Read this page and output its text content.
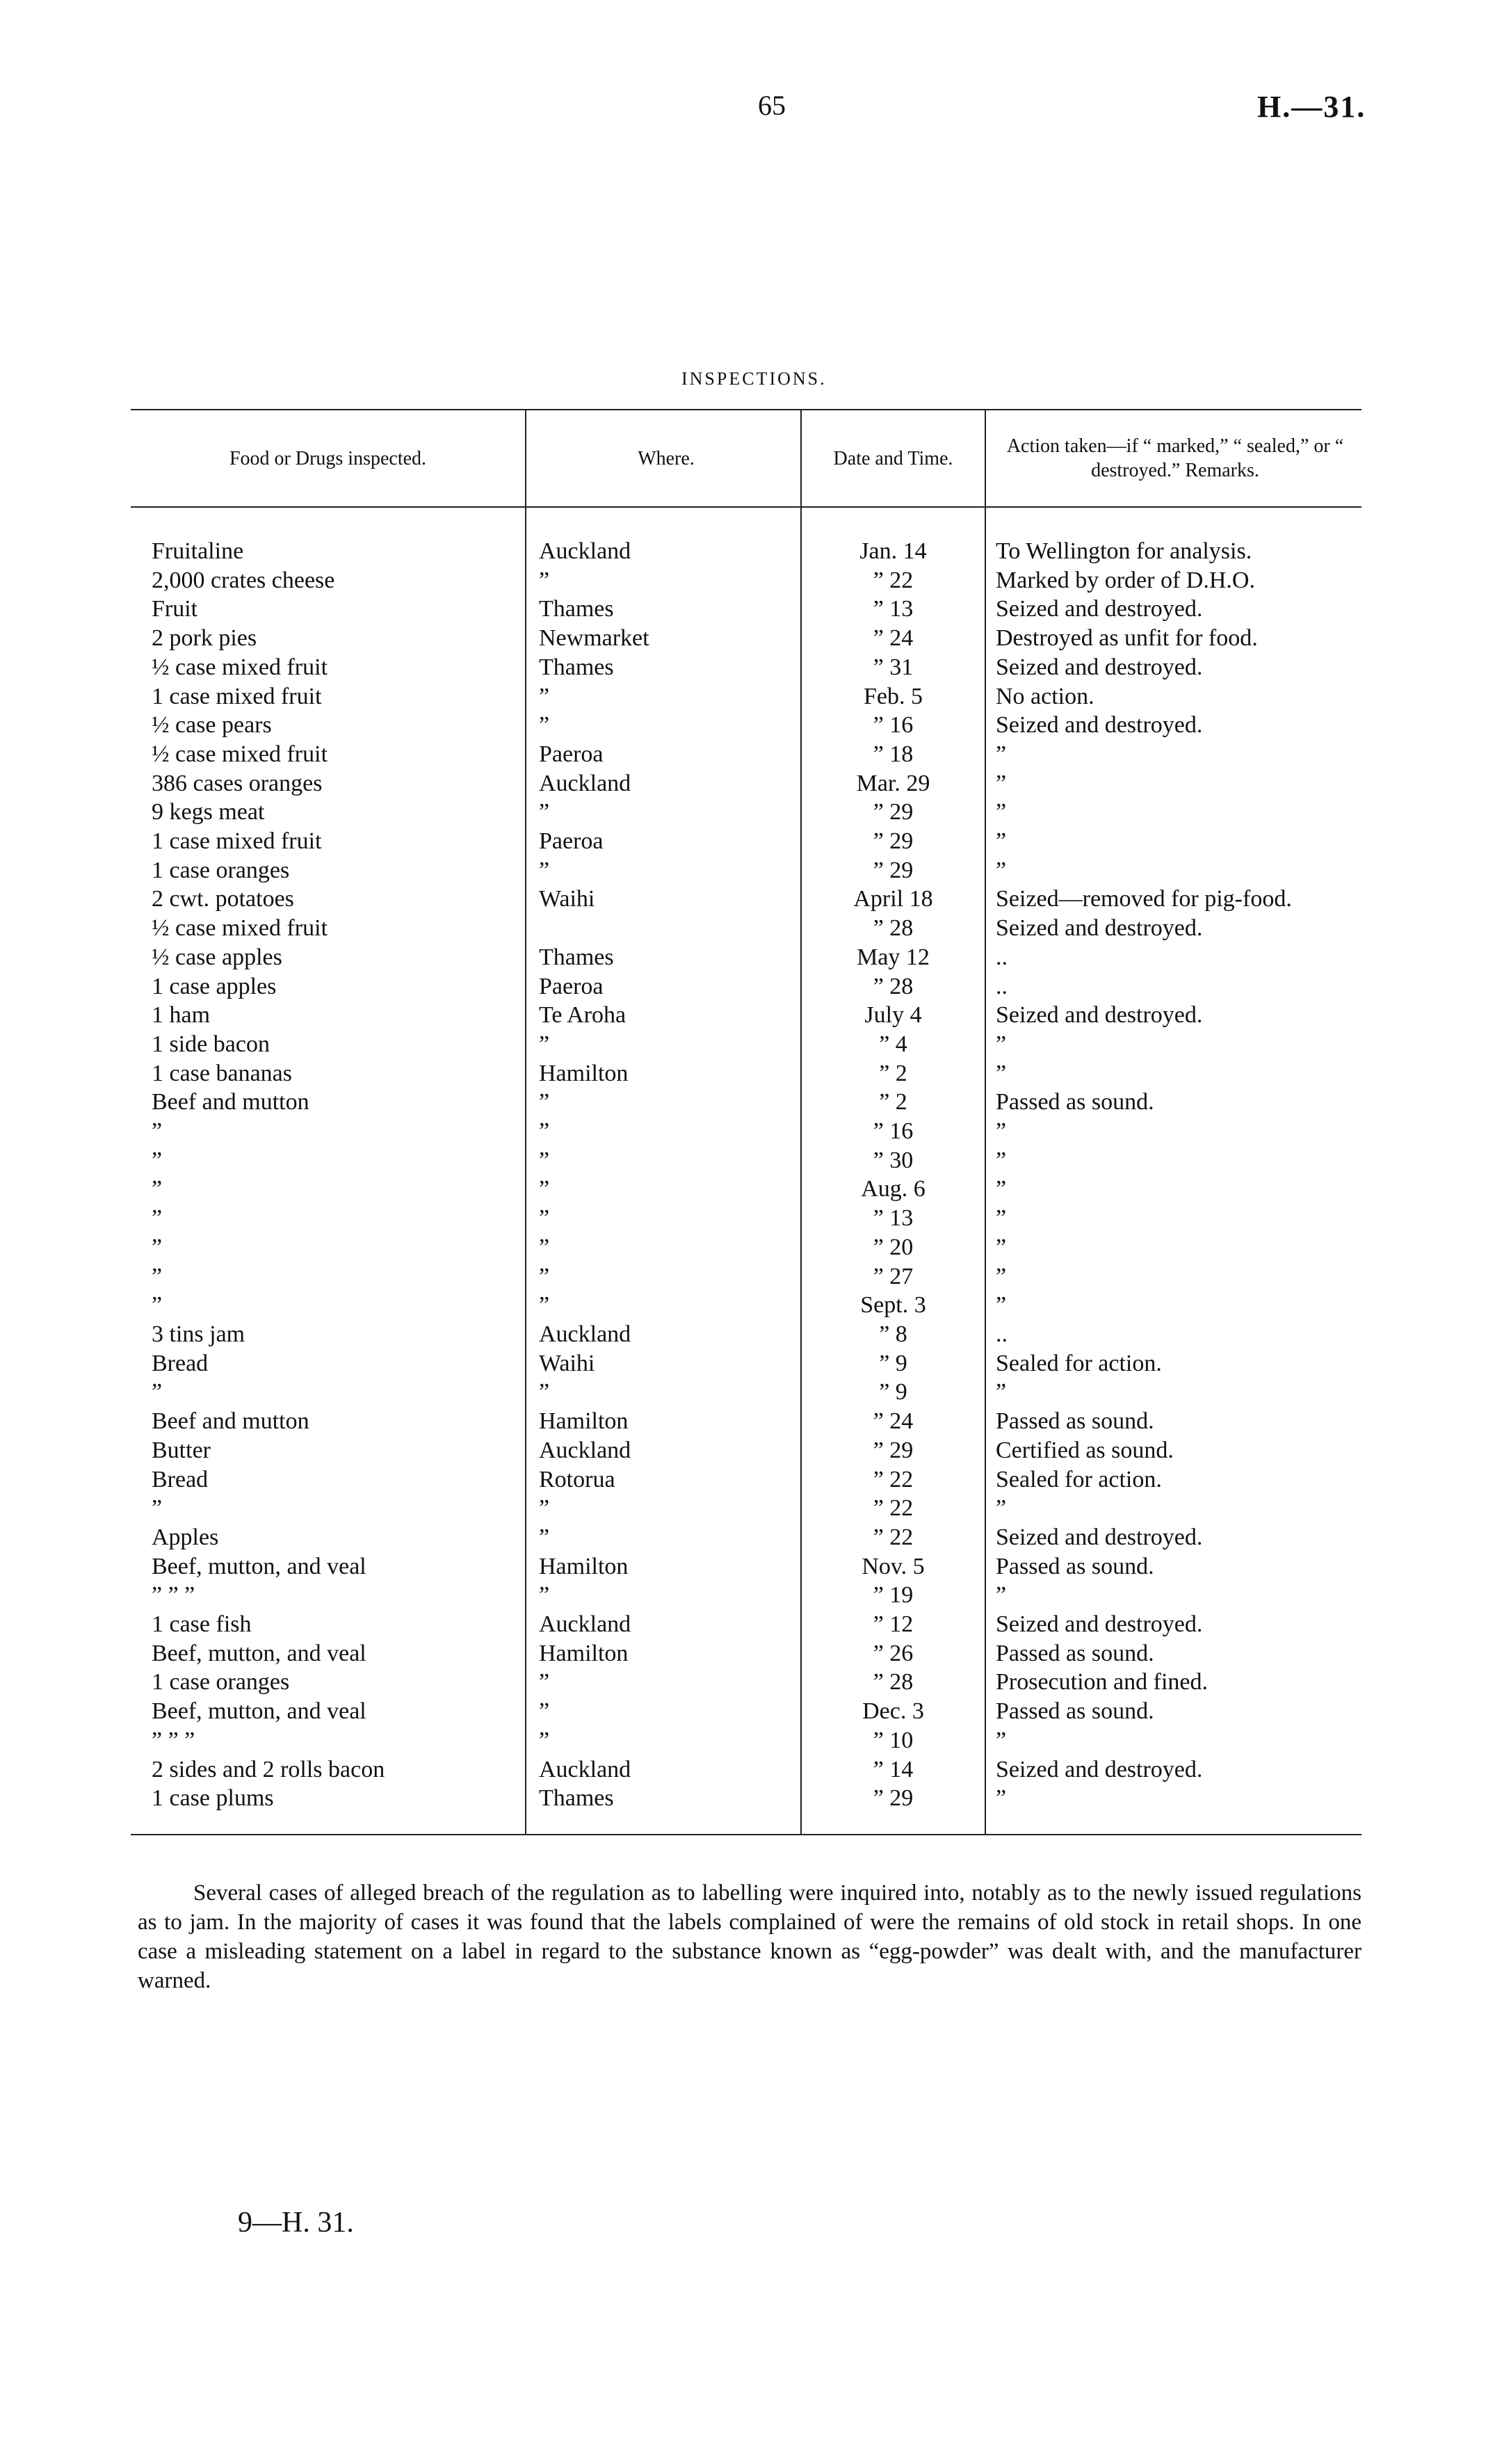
65	H.—31.
INSPECTIONS.
Food or Drugs inspected.	Where.	Date and Time.	Action taken—if “ marked,” “ sealed,” or “ destroyed.” Remarks.

Fruitaline	Auckland	Jan. 14	To Wellington for analysis.
2,000 crates cheese	”	” 22	Marked by order of D.H.O.
Fruit	Thames	” 13	Seized and destroyed.
2 pork pies	Newmarket	” 24	Destroyed as unfit for food.
½ case mixed fruit	Thames	” 31	Seized and destroyed.
1 case mixed fruit	”	Feb. 5	No action.
½ case pears	”	” 16	Seized and destroyed.
½ case mixed fruit	Paeroa	” 18	”
386 cases oranges	Auckland	Mar. 29	”
9 kegs meat	”	” 29	”
1 case mixed fruit	Paeroa	” 29	”
1 case oranges	”	” 29	”
2 cwt. potatoes	Waihi	April 18	Seized—removed for pig-food.
½ case mixed fruit		” 28	Seized and destroyed.
½ case apples	Thames	May 12	..
1 case apples	Paeroa	” 28	..
1 ham	Te Aroha	July 4	Seized and destroyed.
1 side bacon	”	” 4	”
1 case bananas	Hamilton	” 2	”
Beef and mutton	”	” 2	Passed as sound.
”	”	” 16	”
”	”	” 30	”
”	”	Aug. 6	”
”	”	” 13	”
”	”	” 20	”
”	”	” 27	”
”	”	Sept. 3	”
3 tins jam	Auckland	” 8	..
Bread	Waihi	” 9	Sealed for action.
”	”	” 9	”
Beef and mutton	Hamilton	” 24	Passed as sound.
Butter	Auckland	” 29	Certified as sound.
Bread	Rotorua	” 22	Sealed for action.
”	”	” 22	”
Apples	”	” 22	Seized and destroyed.
Beef, mutton, and veal	Hamilton	Nov. 5	Passed as sound.
” ” ”	”	” 19	”
1 case fish	Auckland	” 12	Seized and destroyed.
Beef, mutton, and veal	Hamilton	” 26	Passed as sound.
1 case oranges	”	” 28	Prosecution and fined.
Beef, mutton, and veal	”	Dec. 3	Passed as sound.
” ” ”	”	” 10	”
2 sides and 2 rolls bacon	Auckland	” 14	Seized and destroyed.
1 case plums	Thames	” 29	”

Several cases of alleged breach of the regulation as to labelling were inquired into, notably as to the newly issued regulations as to jam. In the majority of cases it was found that the labels complained of were the remains of old stock in retail shops. In one case a misleading statement on a label in regard to the substance known as “egg-powder” was dealt with, and the manufacturer warned.

9—H. 31.
